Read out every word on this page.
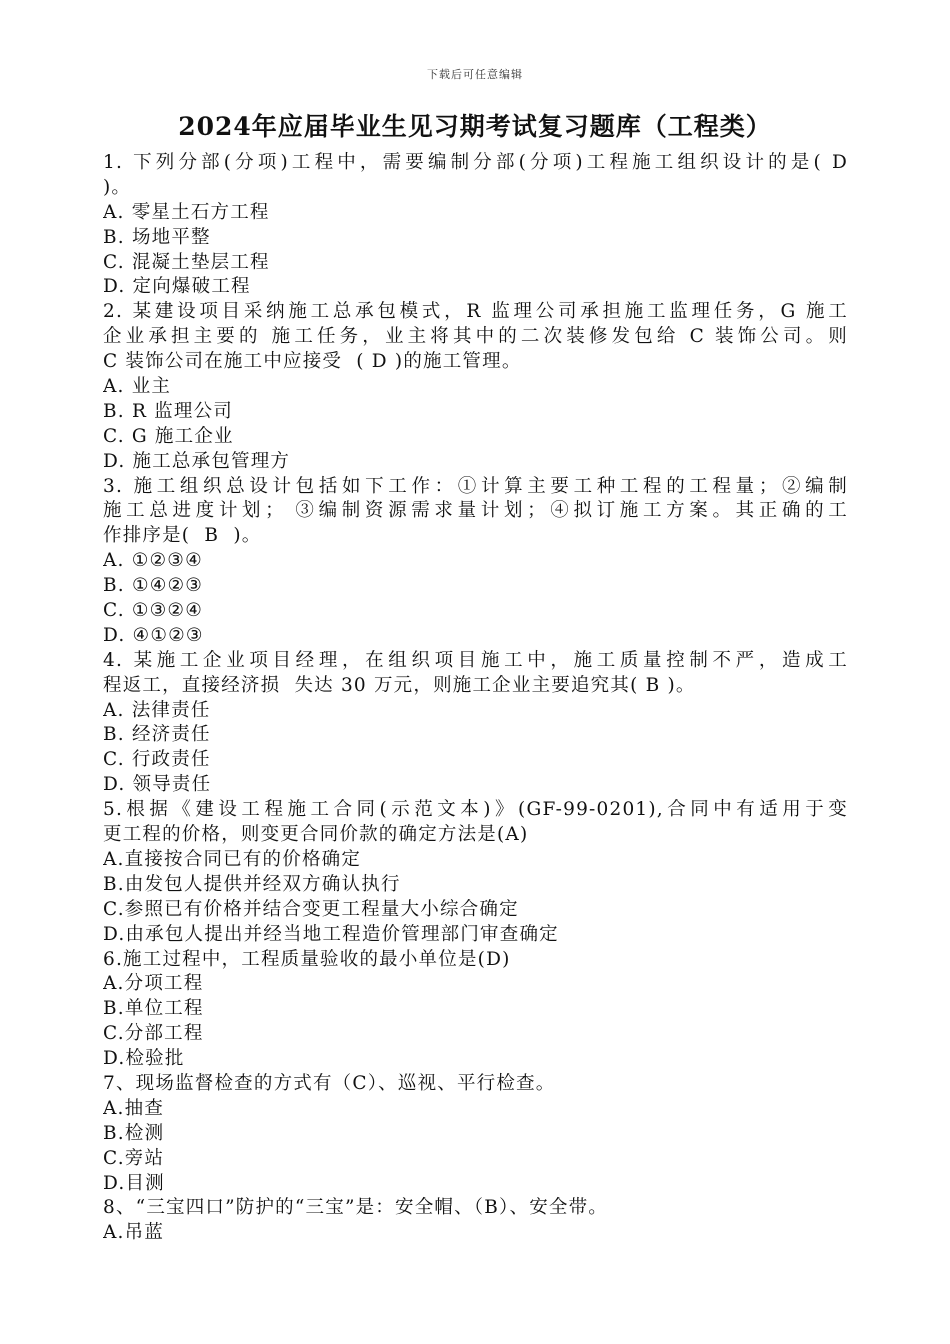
下载后可任意编辑
2024年应届毕业生见习期考试复习题库（工程类）
1. 下列分部(分项)工程中，需要编制分部(分项)工程施工组织设计的是( D
)。
A. 零星土石方工程
B. 场地平整
C. 混凝土垫层工程
D. 定向爆破工程
2. 某建设项目采纳施工总承包模式，R 监理公司承担施工监理任务，G 施工
企业承担主要的 施工任务，业主将其中的二次装修发包给 C 装饰公司。则
C 装饰公司在施工中应接受  ( D )的施工管理。
A. 业主
B. R 监理公司
C. G 施工企业
D. 施工总承包管理方
3. 施工组织总设计包括如下工作：①计算主要工种工程的工程量；②编制
施工总进度计划； ③编制资源需求量计划；④拟订施工方案。其正确的工
作排序是(  B  )。
A. ①②③④
B. ①④②③
C. ①③②④
D. ④①②③
4. 某施工企业项目经理，在组织项目施工中，施工质量控制不严，造成工
程返工，直接经济损  失达 30 万元，则施工企业主要追究其( B )。
A. 法律责任
B. 经济责任
C. 行政责任
D. 领导责任
5.根据《建设工程施工合同(示范文本)》(GF-99-0201),合同中有适用于变
更工程的价格，则变更合同价款的确定方法是(A)
A.直接按合同已有的价格确定
B.由发包人提供并经双方确认执行
C.参照已有价格并结合变更工程量大小综合确定
D.由承包人提出并经当地工程造价管理部门审查确定
6.施工过程中，工程质量验收的最小单位是(D)
A.分项工程
B.单位工程
C.分部工程
D.检验批
7、现场监督检查的方式有（C）、巡视、平行检查。
A.抽查
B.检测
C.旁站
D.目测
8、“三宝四口”防护的“三宝”是：安全帽、（B）、安全带。
A.吊蓝
